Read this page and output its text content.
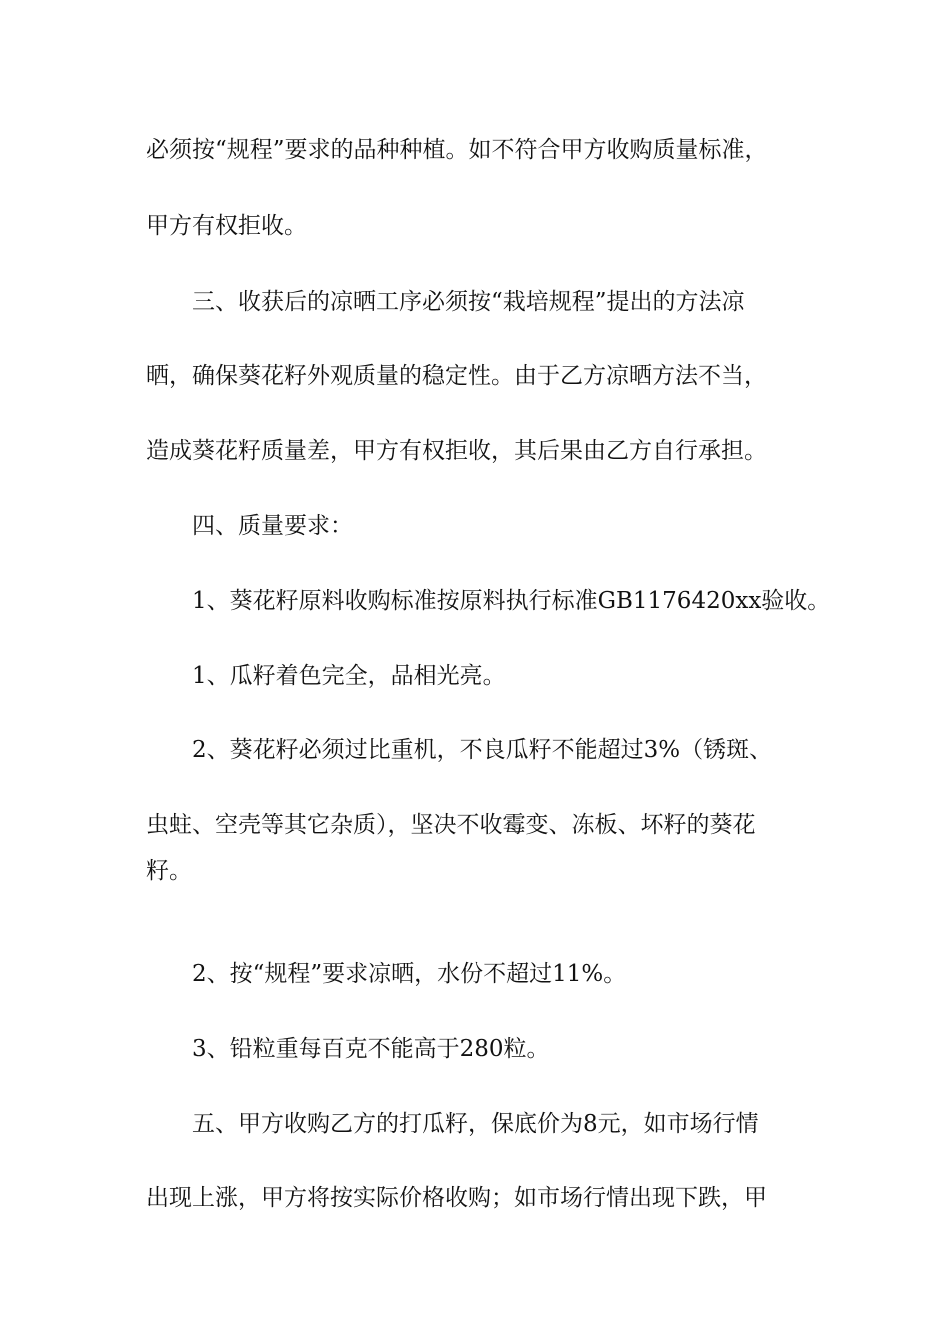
必须按“规程”要求的品种种植。如不符合甲方收购质量标准，
甲方有权拒收。
三、收获后的凉晒工序必须按“栽培规程”提出的方法凉
晒，确保葵花籽外观质量的稳定性。由于乙方凉晒方法不当，
造成葵花籽质量差，甲方有权拒收，其后果由乙方自行承担。
四、质量要求：
1、葵花籽原料收购标准按原料执行标准GB1176420xx验收。
1、瓜籽着色完全，品相光亮。
2、葵花籽必须过比重机，不良瓜籽不能超过3%（锈斑、
虫蛀、空壳等其它杂质），坚决不收霉变、冻板、坏籽的葵花
籽。
2、按“规程”要求凉晒，水份不超过11%。
3、铅粒重每百克不能高于280粒。
五、甲方收购乙方的打瓜籽，保底价为8元，如市场行情
出现上涨，甲方将按实际价格收购；如市场行情出现下跌，甲
